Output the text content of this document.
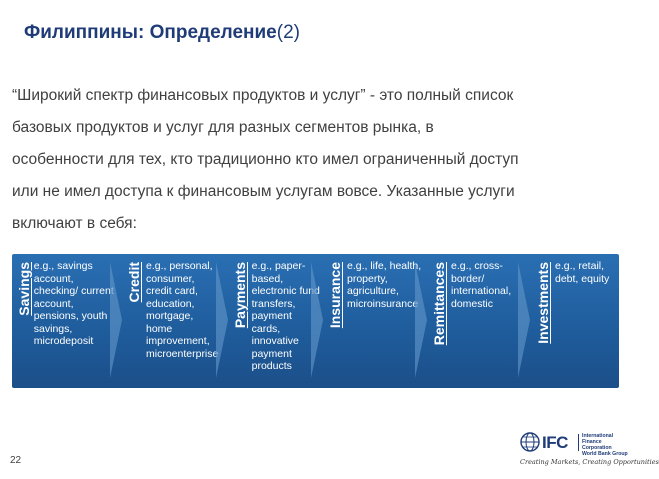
Филиппины: Определение(2)
“Широкий спектр финансовых продуктов и услуг” - это полный список
базовых продуктов и услуг для разных сегментов рынка, в
особенности для тех, кто традиционно кто имел ограниченный доступ
или не имел доступа к финансовым услугам вовсе. Указанные услуги
включают в себя:
Savings e.g., savings account,
checking/ current
account,
pensions, youth
savings,
microdeposit
Credit e.g., personal,
consumer,
credit card,
education,
mortgage,
home
improvement,
microenterprise
Payments e.g., paper-
based,
electronic fund
transfers,
payment cards,
innovative
payment
products
Insurance e.g., life, health,
property,
agriculture,
microinsurance Remittances e.g., cross-
border/
international,
domestic	Investments e.g., retail,
debt, equity
22
IFC	International
Finance Corporation
World Bank Group
Creating Markets, Creating Opportunities
